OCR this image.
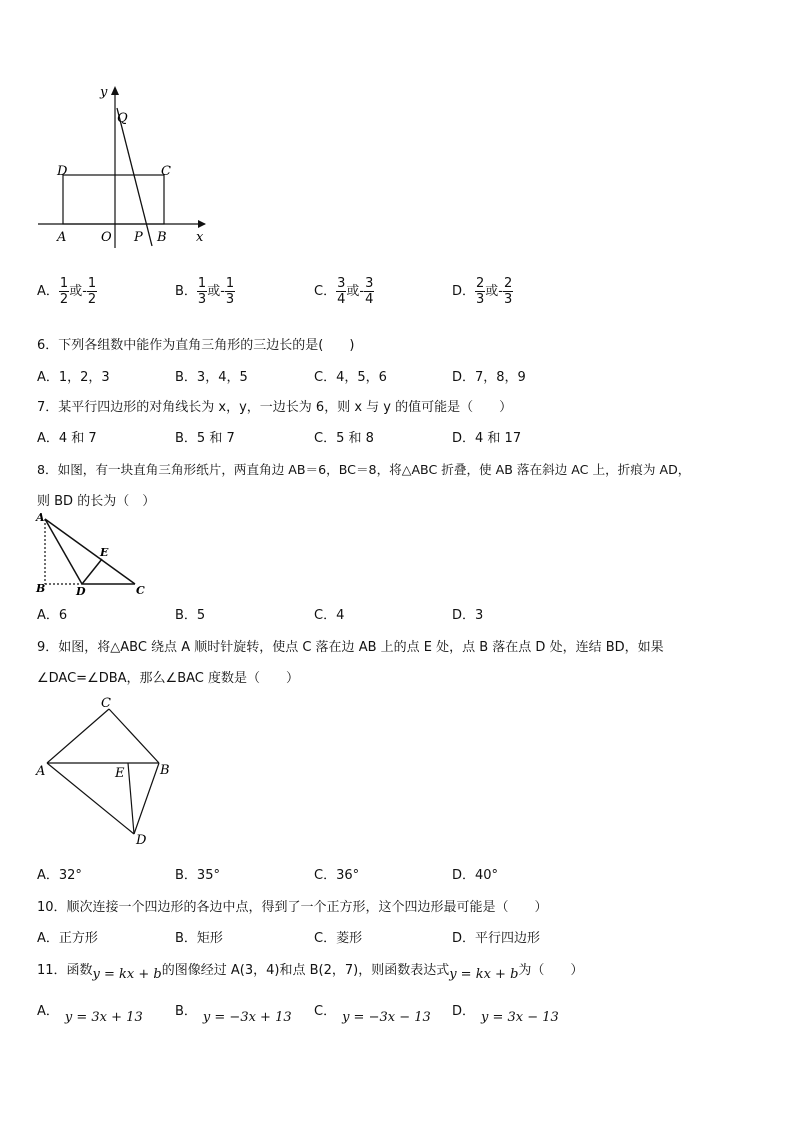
y
Q
D	C
A	O P B x
A． $\frac{1}{2}$ 或- $\frac{1}{2}$	B． $\frac{1}{3}$ 或- $\frac{1}{3}$	C． $\frac{3}{4}$ 或- $\frac{3}{4}$	D． $\frac{2}{3}$ 或- $\frac{2}{3}$
6．下列各组数中能作为直角三角形的三边长的是(　　)
A．1，2，3	B．3，4，5	C．4，5，6	D．7，8，9
7．某平行四边形的对角线长为 x，y，一边长为 6，则 x 与 y 的值可能是（　　）
A．4 和 7	B．5 和 7	C．5 和 8	D．4 和 17
8．如图，有一块直角三角形纸片，两直角边 AB＝6，BC＝8，将△ABC 折叠，使 AB 落在斜边 AC 上，折痕为 AD，
则 BD 的长为（　）
A
E
B	D	C
A．6	B．5	C．4	D．3
9．如图，将△ABC 绕点 A 顺时针旋转，使点 C 落在边 AB 上的点 E 处，点 B 落在点 D 处，连结 BD，如果
∠DAC=∠DBA，那么∠BAC 度数是（　　）
C
A	E	B
D
A．32°	B．35°	C．36°	D．40°
10．顺次连接一个四边形的各边中点，得到了一个正方形，这个四边形最可能是（　　）
A．正方形	B．矩形	C．菱形	D．平行四边形
11．函数y = kx + b的图像经过 A(3，4)和点 B(2，7)，则函数表达式y = kx + b为（　　）
A． y = 3x + 13 B． y = −3x + 13 C． y = −3x − 13 D． y = 3x − 13
